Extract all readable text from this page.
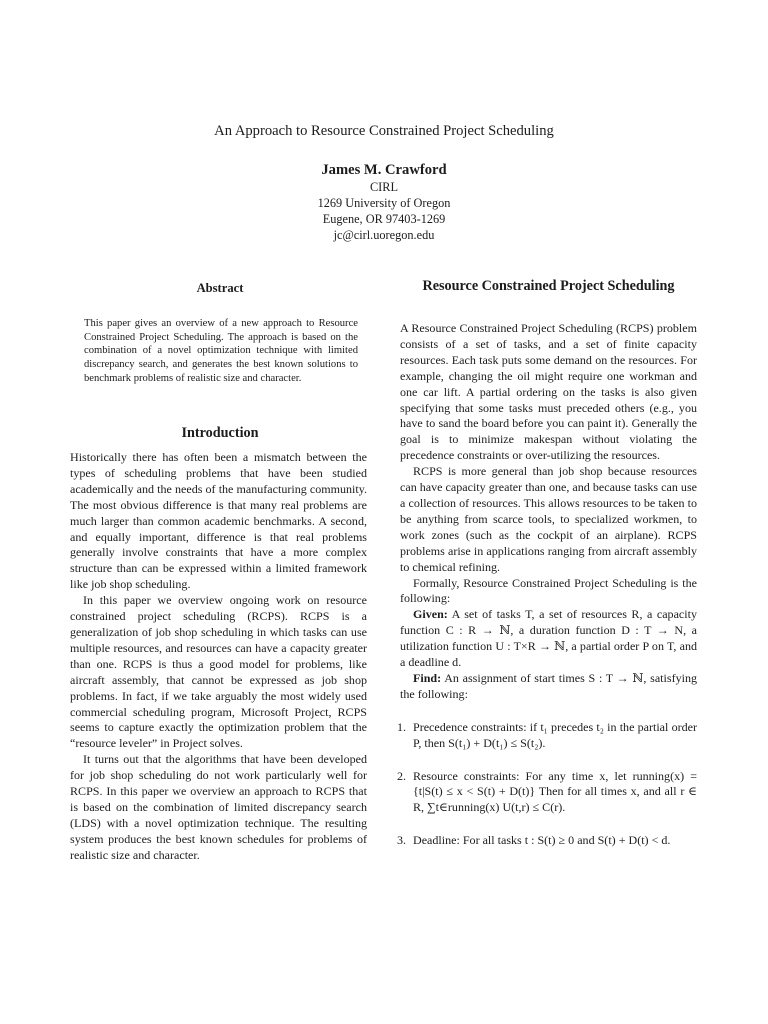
An Approach to Resource Constrained Project Scheduling
James M. Crawford
CIRL
1269 University of Oregon
Eugene, OR 97403-1269
jc@cirl.uoregon.edu
Abstract
This paper gives an overview of a new approach to Resource Constrained Project Scheduling. The approach is based on the combination of a novel optimization technique with limited discrepancy search, and generates the best known solutions to benchmark problems of realistic size and character.
Introduction

Historically there has often been a mismatch between the types of scheduling problems that have been studied academically and the needs of the manufacturing community. The most obvious difference is that many real problems are much larger than common academic benchmarks. A second, and equally important, difference is that real problems generally involve constraints that have a more complex structure than can be expressed within a limited framework like job shop scheduling.

In this paper we overview ongoing work on resource constrained project scheduling (RCPS). RCPS is a generalization of job shop scheduling in which tasks can use multiple resources, and resources can have a capacity greater than one. RCPS is thus a good model for problems, like aircraft assembly, that cannot be expressed as job shop problems. In fact, if we take arguably the most widely used commercial scheduling program, Microsoft Project, RCPS seems to capture exactly the optimization problem that the “resource leveler” in Project solves.

It turns out that the algorithms that have been developed for job shop scheduling do not work particularly well for RCPS. In this paper we overview an approach to RCPS that is based on the combination of limited discrepancy search (LDS) with a novel optimization technique. The resulting system produces the best known schedules for problems of realistic size and character.

Resource Constrained Project Scheduling

A Resource Constrained Project Scheduling (RCPS) problem consists of a set of tasks, and a set of finite capacity resources. Each task puts some demand on the resources. For example, changing the oil might require one workman and one car lift. A partial ordering on the tasks is also given specifying that some tasks must preceded others (e.g., you have to sand the board before you can paint it). Generally the goal is to minimize makespan without violating the precedence constraints or over-utilizing the resources.

RCPS is more general than job shop because resources can have capacity greater than one, and because tasks can use a collection of resources. This allows resources to be taken to be anything from scarce tools, to specialized workmen, to work zones (such as the cockpit of an airplane). RCPS problems arise in applications ranging from aircraft assembly to chemical refining.

Formally, Resource Constrained Project Scheduling is the following:

Given: A set of tasks T, a set of resources R, a capacity function C : R → ℕ, a duration function D : T → N, a utilization function U : T×R → ℕ, a partial order P on T, and a deadline d.

Find: An assignment of start times S : T → ℕ, satisfying the following:

1. Precedence constraints: if t₁ precedes t₂ in the partial order P, then S(t₁) + D(t₁) ≤ S(t₂).
2. Resource constraints: For any time x, let running(x) = {t|S(t) ≤ x < S(t) + D(t)} Then for all times x, and all r ∈ R, ∑t∈running(x) U(t,r) ≤ C(r).
3. Deadline: For all tasks t : S(t) ≥ 0 and S(t) + D(t) < d.
